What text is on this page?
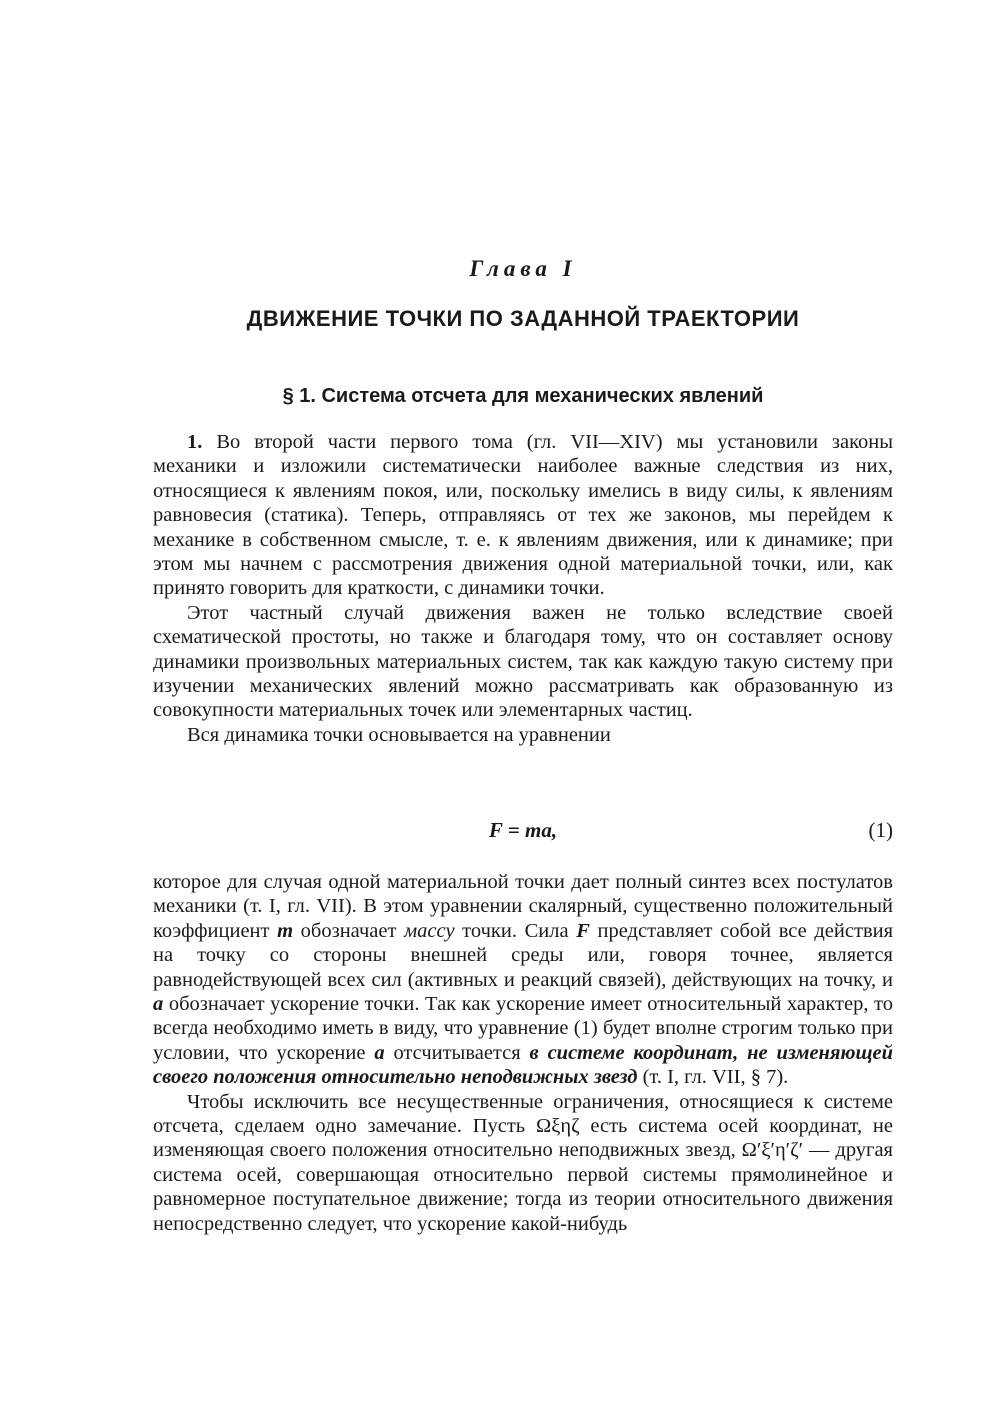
Глава I
ДВИЖЕНИЕ ТОЧКИ ПО ЗАДАННОЙ ТРАЕКТОРИИ
§ 1. Система отсчета для механических явлений

1. Во второй части первого тома (гл. VII—XIV) мы установили законы механики и изложили систематически наиболее важные следствия из них, относящиеся к явлениям покоя, или, поскольку имелись в виду силы, к явлениям равновесия (статика). Теперь, отправляясь от тех же законов, мы перейдем к механике в собственном смысле, т. е. к явлениям движения, или к динамике; при этом мы начнем с рассмотрения движения одной материальной точки, или, как принято говорить для краткости, с динамики точки.

Этот частный случай движения важен не только вследствие своей схематической простоты, но также и благодаря тому, что он составляет основу динамики произвольных материальных систем, так как каждую такую систему при изучении механических явлений можно рассматривать как образованную из совокупности материальных точек или элементарных частиц.

Вся динамика точки основывается на уравнении

F = ma,	(1)

которое для случая одной материальной точки дает полный синтез всех постулатов механики (т. I, гл. VII). В этом уравнении скалярный, существенно положительный коэффициент m обозначает массу точки. Сила F представляет собой все действия на точку со стороны внешней среды или, говоря точнее, является равнодействующей всех сил (активных и реакций связей), действующих на точку, и a обозначает ускорение точки. Так как ускорение имеет относительный характер, то всегда необходимо иметь в виду, что уравнение (1) будет вполне строгим только при условии, что ускорение a отсчитывается в системе координат, не изменяющей своего положения относительно неподвижных звезд (т. I, гл. VII, § 7).

Чтобы исключить все несущественные ограничения, относящиеся к системе отсчета, сделаем одно замечание. Пусть Ωξηζ есть система осей координат, не изменяющая своего положения относительно неподвижных звезд, Ω′ξ′η′ζ′ — другая система осей, совершающая относительно первой системы прямолинейное и равномерное поступательное движение; тогда из теории относительного движения непосредственно следует, что ускорение какой-нибудь
